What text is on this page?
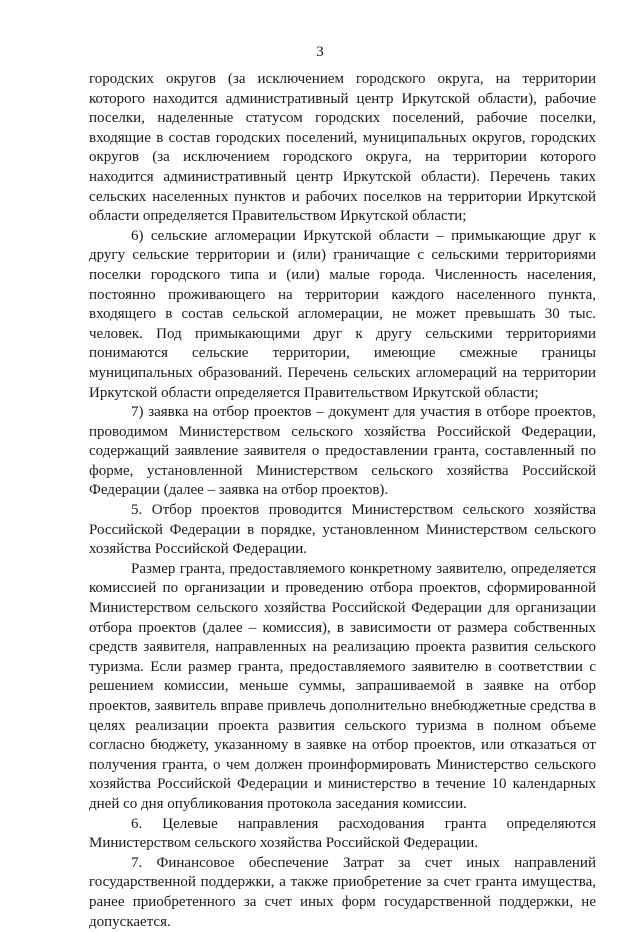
3

городских округов (за исключением городского округа, на территории которого находится административный центр Иркутской области), рабочие поселки, наделенные статусом городских поселений, рабочие поселки, входящие в состав городских поселений, муниципальных округов, городских округов (за исключением городского округа, на территории которого находится административный центр Иркутской области). Перечень таких сельских населенных пунктов и рабочих поселков на территории Иркутской области определяется Правительством Иркутской области;

6) сельские агломерации Иркутской области – примыкающие друг к другу сельские территории и (или) граничащие с сельскими территориями поселки городского типа и (или) малые города. Численность населения, постоянно проживающего на территории каждого населенного пункта, входящего в состав сельской агломерации, не может превышать 30 тыс. человек. Под примыкающими друг к другу сельскими территориями понимаются сельские территории, имеющие смежные границы муниципальных образований. Перечень сельских агломераций на территории Иркутской области определяется Правительством Иркутской области;

7) заявка на отбор проектов – документ для участия в отборе проектов, проводимом Министерством сельского хозяйства Российской Федерации, содержащий заявление заявителя о предоставлении гранта, составленный по форме, установленной Министерством сельского хозяйства Российской Федерации (далее – заявка на отбор проектов).

5. Отбор проектов проводится Министерством сельского хозяйства Российской Федерации в порядке, установленном Министерством сельского хозяйства Российской Федерации.

Размер гранта, предоставляемого конкретному заявителю, определяется комиссией по организации и проведению отбора проектов, сформированной Министерством сельского хозяйства Российской Федерации для организации отбора проектов (далее – комиссия), в зависимости от размера собственных средств заявителя, направленных на реализацию проекта развития сельского туризма. Если размер гранта, предоставляемого заявителю в соответствии с решением комиссии, меньше суммы, запрашиваемой в заявке на отбор проектов, заявитель вправе привлечь дополнительно внебюджетные средства в целях реализации проекта развития сельского туризма в полном объеме согласно бюджету, указанному в заявке на отбор проектов, или отказаться от получения гранта, о чем должен проинформировать Министерство сельского хозяйства Российской Федерации и министерство в течение 10 календарных дней со дня опубликования протокола заседания комиссии.

6. Целевые направления расходования гранта определяются Министерством сельского хозяйства Российской Федерации.

7. Финансовое обеспечение Затрат за счет иных направлений государственной поддержки, а также приобретение за счет гранта имущества, ранее приобретенного за счет иных форм государственной поддержки, не допускается.
